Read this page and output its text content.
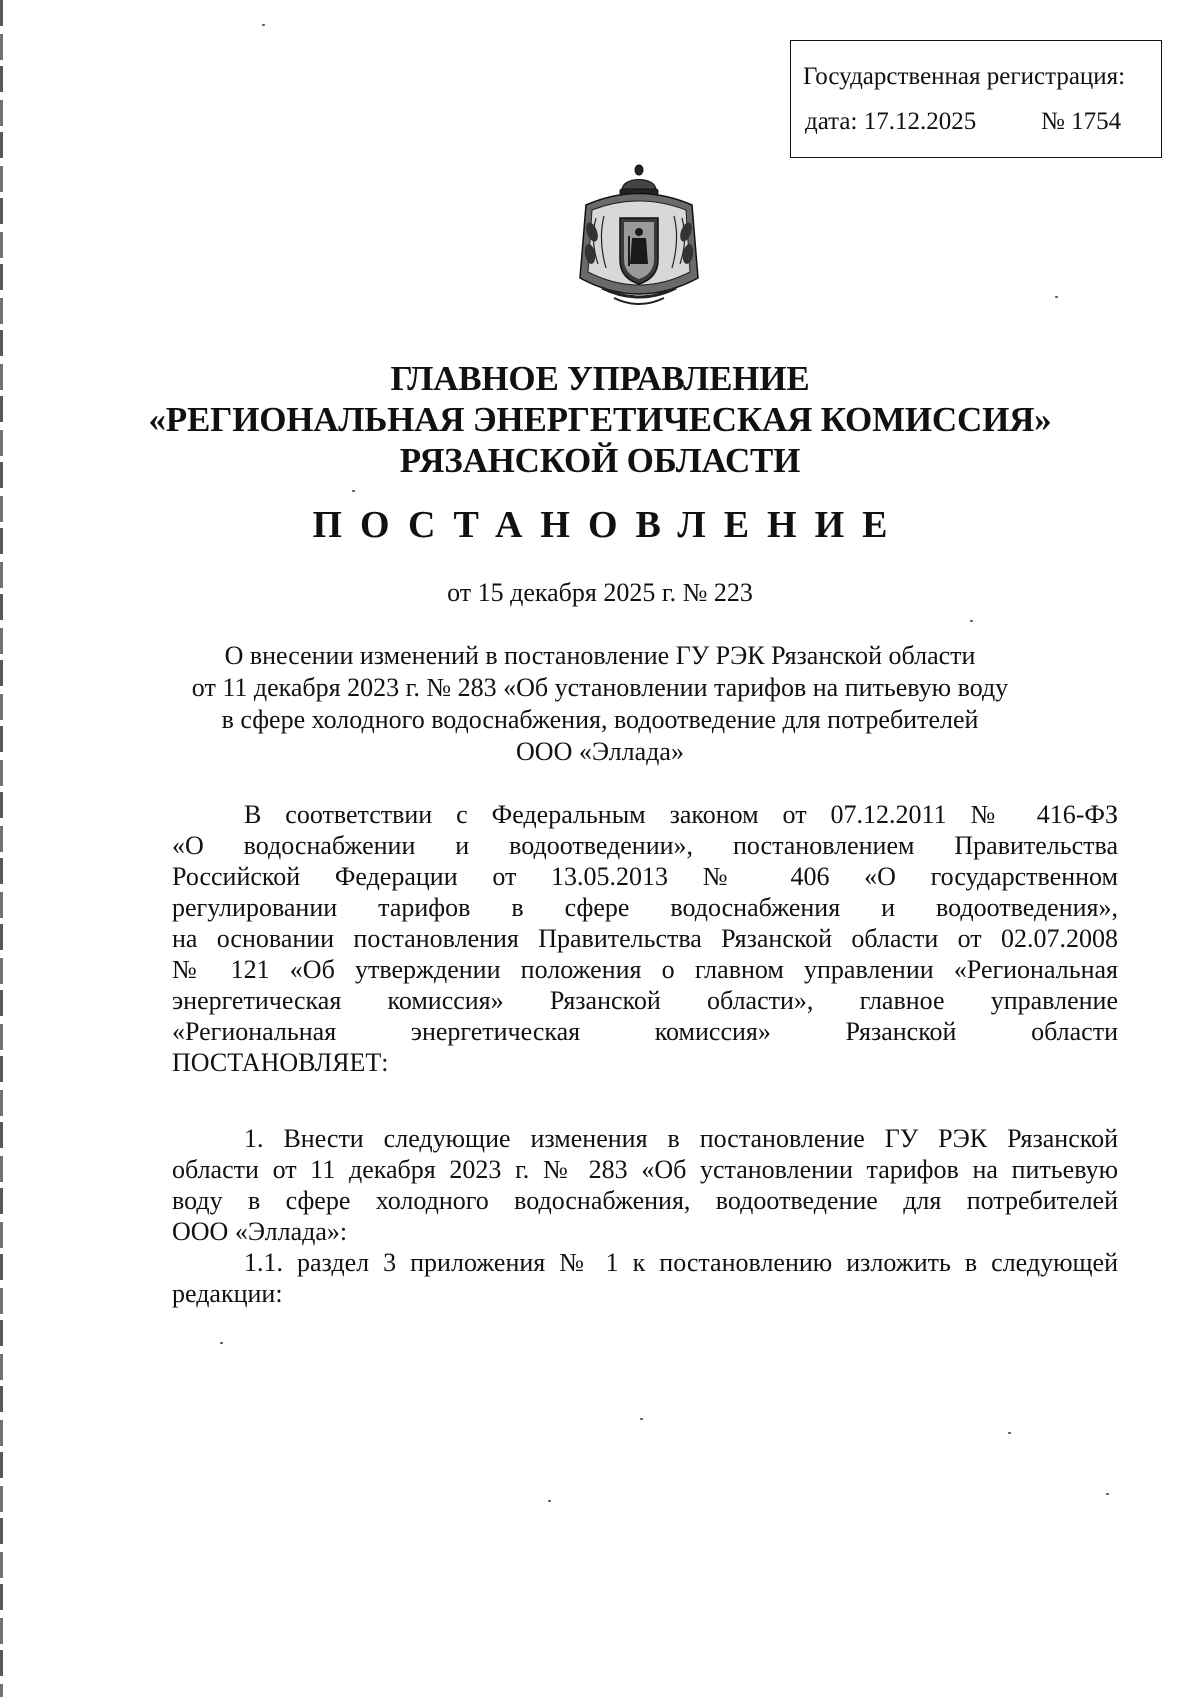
Государственная регистрация:
дата: 17.12.2025	№ 1754
ГЛАВНОЕ УПРАВЛЕНИЕ
«РЕГИОНАЛЬНАЯ ЭНЕРГЕТИЧЕСКАЯ КОМИССИЯ»
РЯЗАНСКОЙ ОБЛАСТИ
ПОСТАНОВЛЕНИЕ
от 15 декабря 2025 г. № 223
О внесении изменений в постановление ГУ РЭК Рязанской области
от 11 декабря 2023 г. № 283 «Об установлении тарифов на питьевую воду
в сфере холодного водоснабжения, водоотведение для потребителей
ООО «Эллада»
В соответствии с Федеральным законом от 07.12.2011 № 416-ФЗ
«О водоснабжении и водоотведении», постановлением Правительства
Российской Федерации от 13.05.2013 № 406 «О государственном
регулировании тарифов в сфере водоснабжения и водоотведения»,
на основании постановления Правительства Рязанской области от 02.07.2008
№ 121 «Об утверждении положения о главном управлении «Региональная
энергетическая комиссия» Рязанской области», главное управление
«Региональная энергетическая комиссия» Рязанской области
ПОСТАНОВЛЯЕТ:
1. Внести следующие изменения в постановление ГУ РЭК Рязанской
области от 11 декабря 2023 г. № 283 «Об установлении тарифов на питьевую
воду в сфере холодного водоснабжения, водоотведение для потребителей
ООО «Эллада»:
1.1. раздел 3 приложения № 1 к постановлению изложить в следующей
редакции:
